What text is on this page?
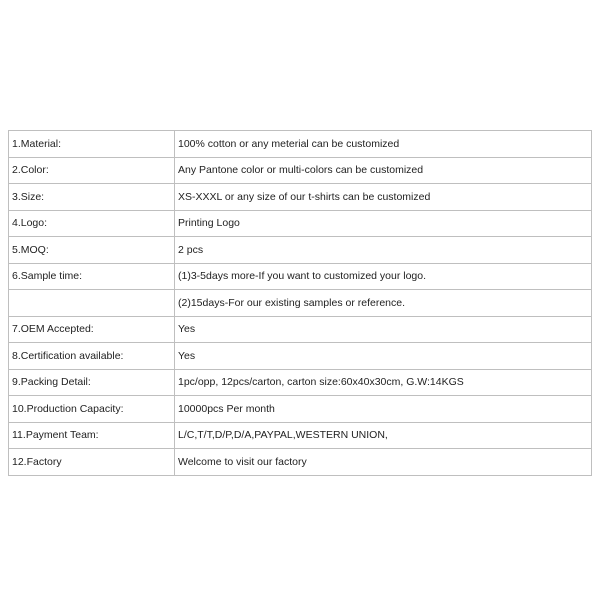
1.Material:	100% cotton or any meterial can be customized
2.Color:	Any Pantone color or multi-colors can be customized
3.Size:	XS-XXXL or any size of our t-shirts can be customized
4.Logo:	Printing Logo
5.MOQ:	2 pcs
6.Sample time:	(1)3-5days more-If you want to customized your logo.
	(2)15days-For our existing samples or reference.
7.OEM Accepted:	Yes
8.Certification available:	Yes
9.Packing Detail:	1pc/opp, 12pcs/carton, carton size:60x40x30cm, G.W:14KGS
10.Production Capacity:	10000pcs Per month
11.Payment Team:	L/C,T/T,D/P,D/A,PAYPAL,WESTERN UNION,
12.Factory	Welcome to visit our factory
